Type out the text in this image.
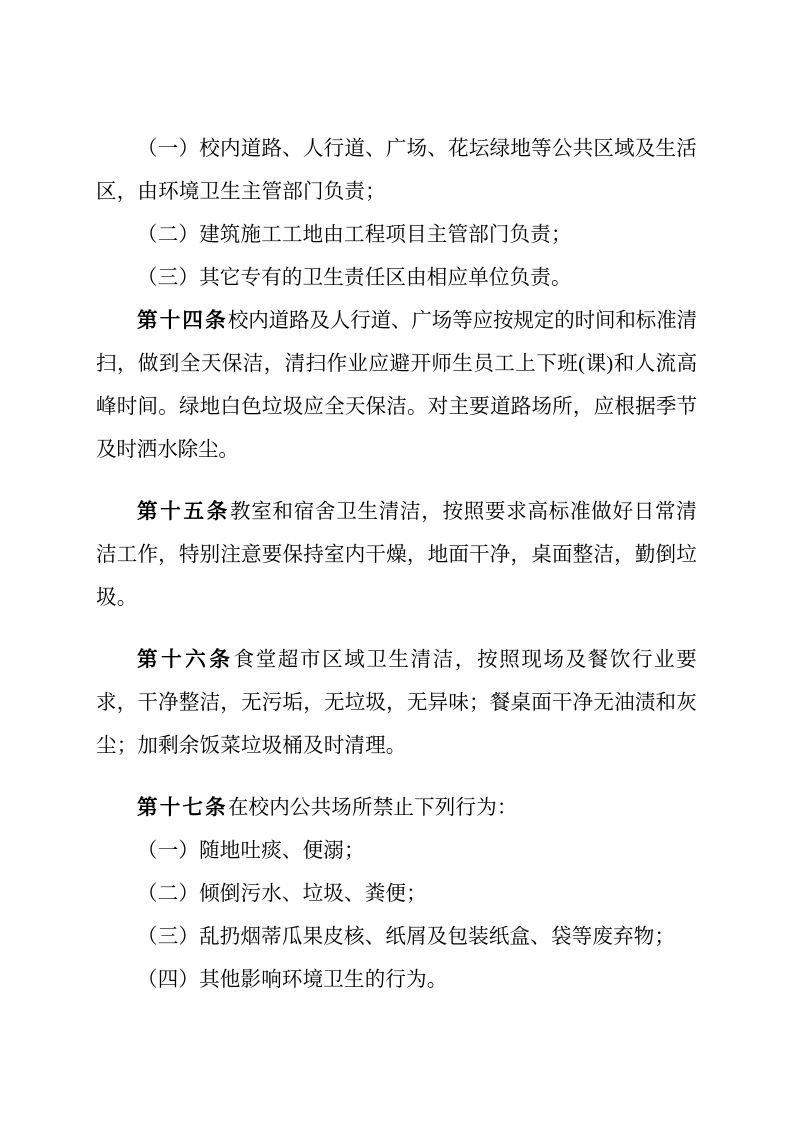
（一）校内道路、人行道、广场、花坛绿地等公共区域及生活区，由环境卫生主管部门负责；

（二）建筑施工工地由工程项目主管部门负责；

（三）其它专有的卫生责任区由相应单位负责。

第十四条校内道路及人行道、广场等应按规定的时间和标准清扫，做到全天保洁，清扫作业应避开师生员工上下班(课)和人流高峰时间。绿地白色垃圾应全天保洁。对主要道路场所，应根据季节及时洒水除尘。

第十五条教室和宿舍卫生清洁，按照要求高标准做好日常清洁工作，特别注意要保持室内干燥，地面干净，桌面整洁，勤倒垃圾。

第十六条食堂超市区域卫生清洁，按照现场及餐饮行业要求，干净整洁，无污垢，无垃圾，无异味；餐桌面干净无油渍和灰尘；加剩余饭菜垃圾桶及时清理。

第十七条在校内公共场所禁止下列行为：

（一）随地吐痰、便溺；

（二）倾倒污水、垃圾、粪便；

（三）乱扔烟蒂瓜果皮核、纸屑及包装纸盒、袋等废弃物；

（四）其他影响环境卫生的行为。
